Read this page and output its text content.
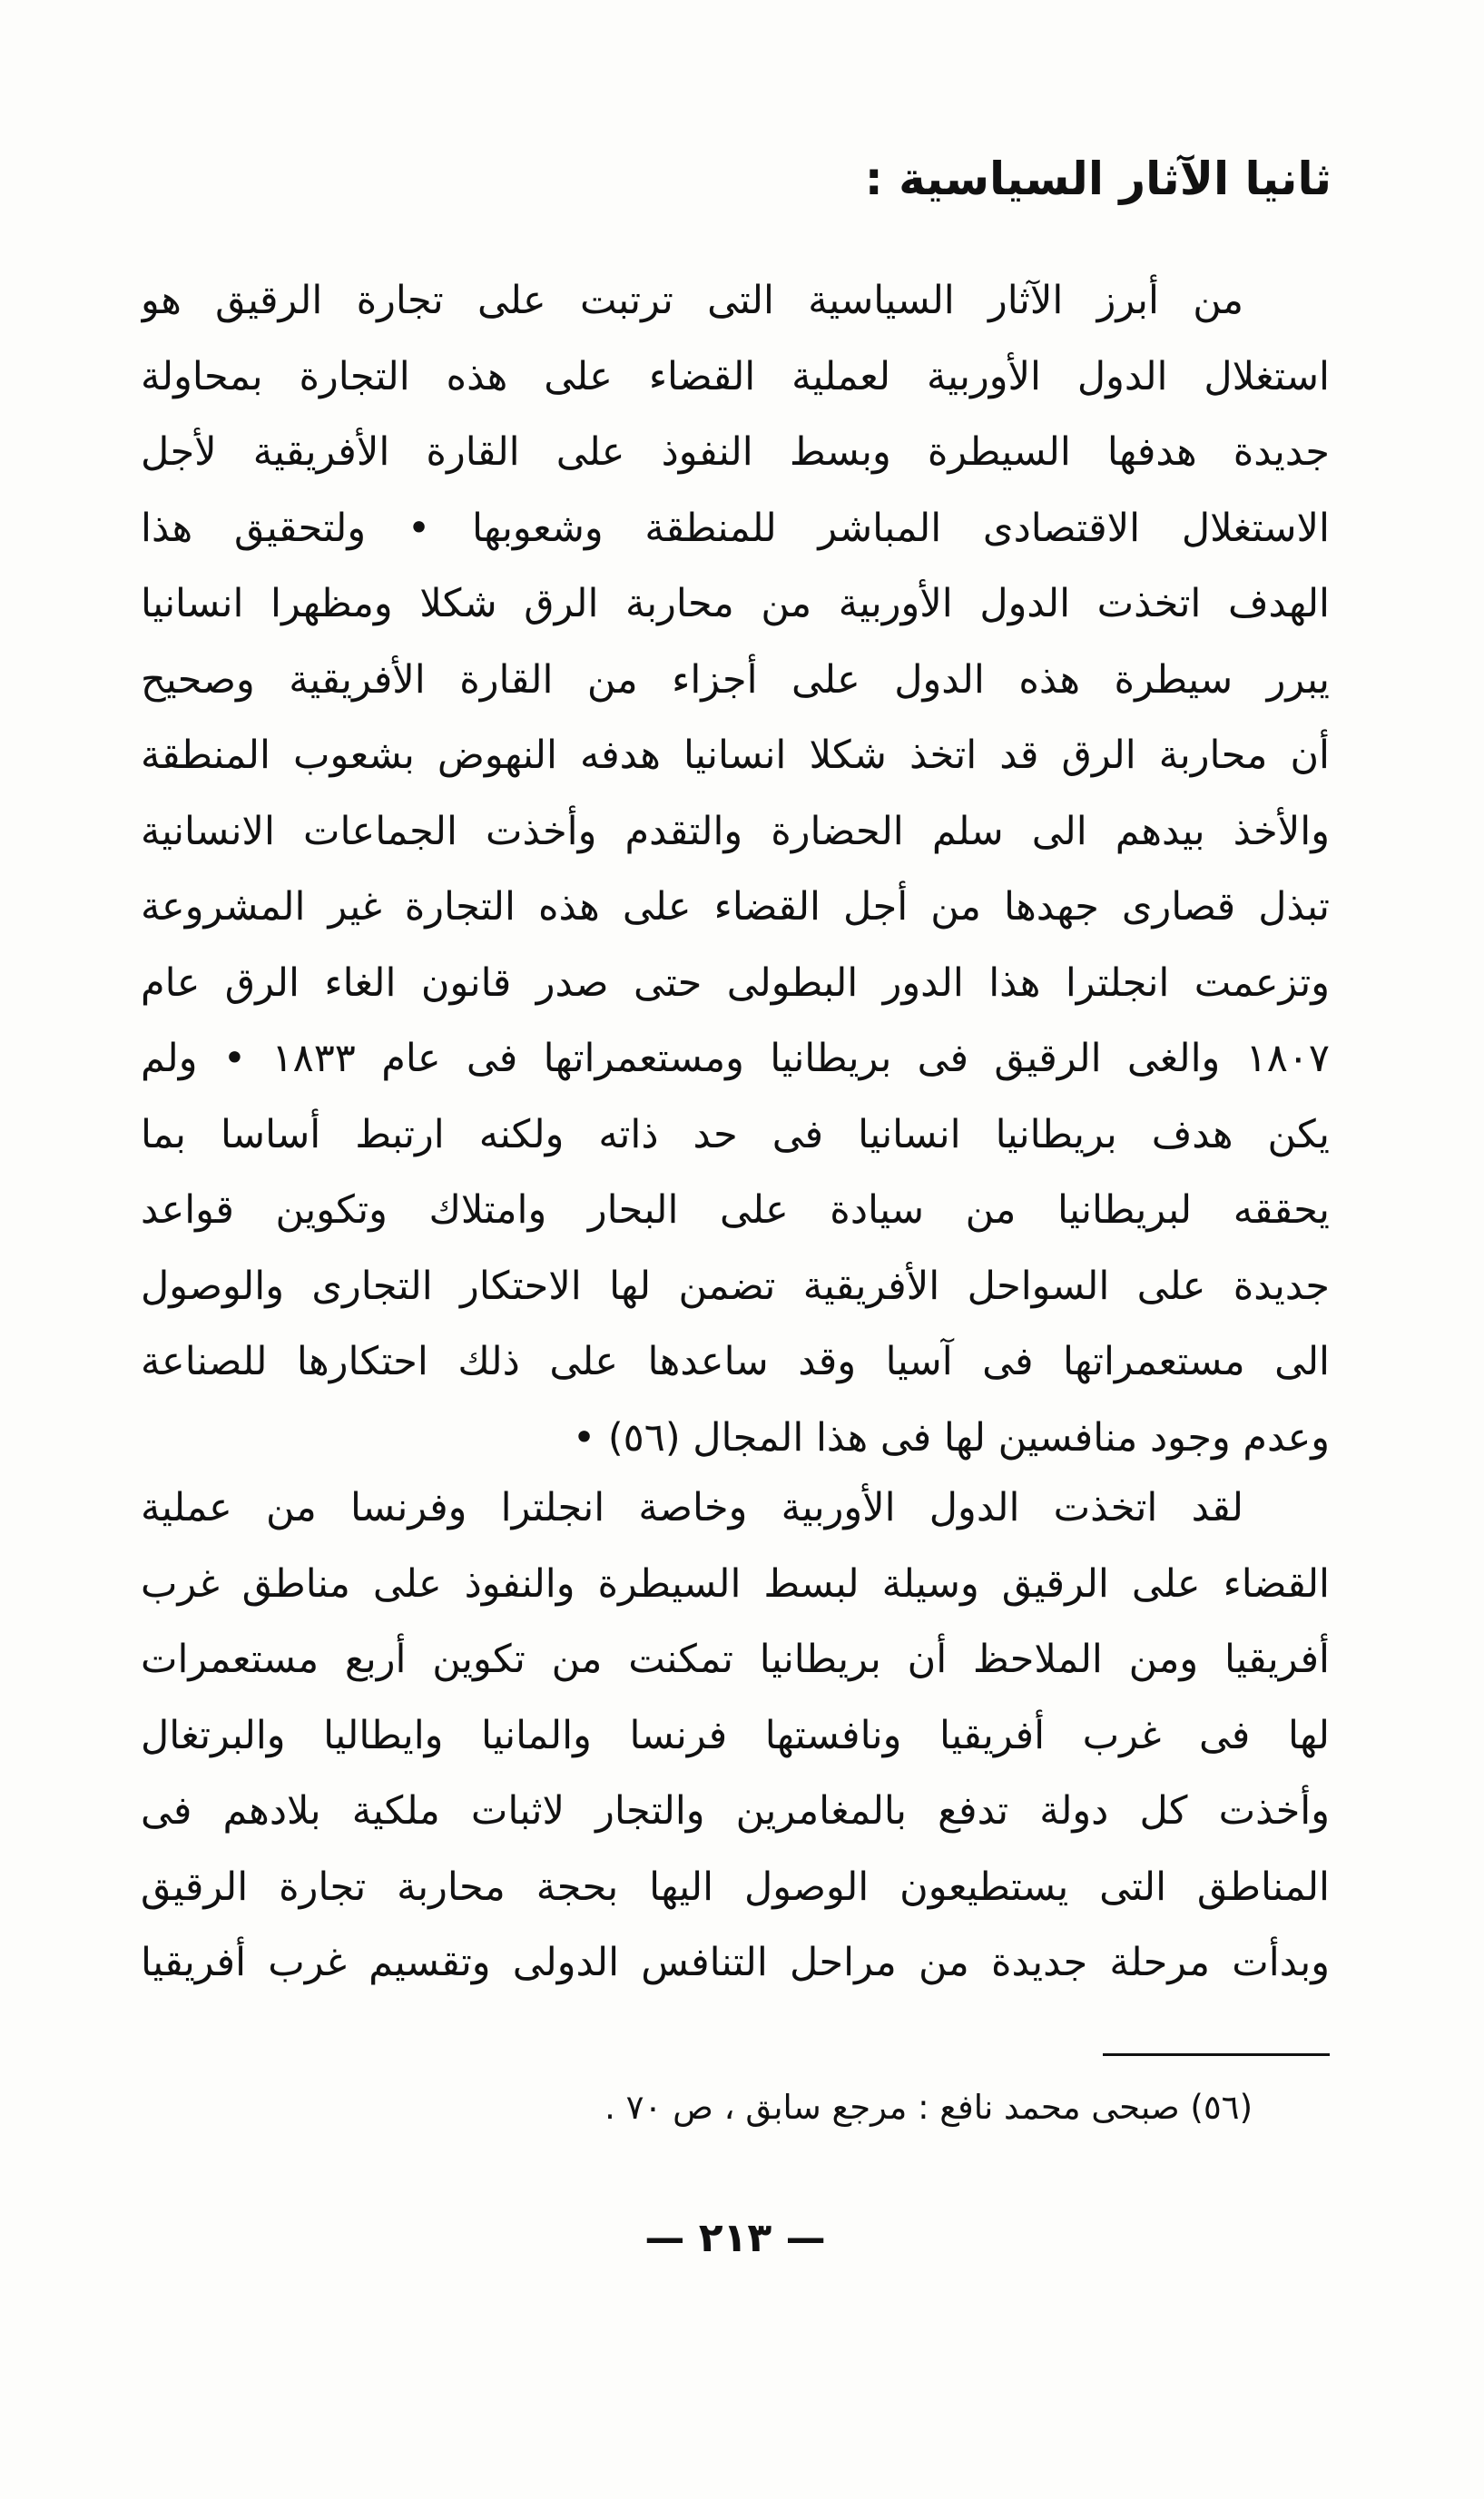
ثانيا الآثار السياسية :
من أبرز الآثار السياسية التى ترتبت على تجارة الرقيق هو
استغلال الدول الأوربية لعملية القضاء على هذه التجارة بمحاولة
جديدة هدفها السيطرة وبسط النفوذ على القارة الأفريقية لأجل
الاستغلال الاقتصادى المباشر للمنطقة وشعوبها • ولتحقيق هذا
الهدف اتخذت الدول الأوربية من محاربة الرق شكلا ومظهرا انسانيا
يبرر سيطرة هذه الدول على أجزاء من القارة الأفريقية وصحيح
أن محاربة الرق قد اتخذ شكلا انسانيا هدفه النهوض بشعوب المنطقة
والأخذ بيدهم الى سلم الحضارة والتقدم وأخذت الجماعات الانسانية
تبذل قصارى جهدها من أجل القضاء على هذه التجارة غير المشروعة
وتزعمت انجلترا هذا الدور البطولى حتى صدر قانون الغاء الرق عام
١٨٠٧ والغى الرقيق فى بريطانيا ومستعمراتها فى عام ١٨٣٣ • ولم
يكن هدف بريطانيا انسانيا فى حد ذاته ولكنه ارتبط أساسا بما
يحققه لبريطانيا من سيادة على البحار وامتلاك وتكوين قواعد
جديدة على السواحل الأفريقية تضمن لها الاحتكار التجارى والوصول
الى مستعمراتها فى آسيا وقد ساعدها على ذلك احتكارها للصناعة
وعدم وجود منافسين لها فى هذا المجال (٥٦) •
لقد اتخذت الدول الأوربية وخاصة انجلترا وفرنسا من عملية
القضاء على الرقيق وسيلة لبسط السيطرة والنفوذ على مناطق غرب
أفريقيا ومن الملاحظ أن بريطانيا تمكنت من تكوين أربع مستعمرات
لها فى غرب أفريقيا ونافستها فرنسا والمانيا وايطاليا والبرتغال
وأخذت كل دولة تدفع بالمغامرين والتجار لاثبات ملكية بلادهم فى
المناطق التى يستطيعون الوصول اليها بحجة محاربة تجارة الرقيق
وبدأت مرحلة جديدة من مراحل التنافس الدولى وتقسيم غرب أفريقيا
(٥٦) صبحى محمد نافع : مرجع سابق ، ص ٧٠ .
— ٢١٣ —
